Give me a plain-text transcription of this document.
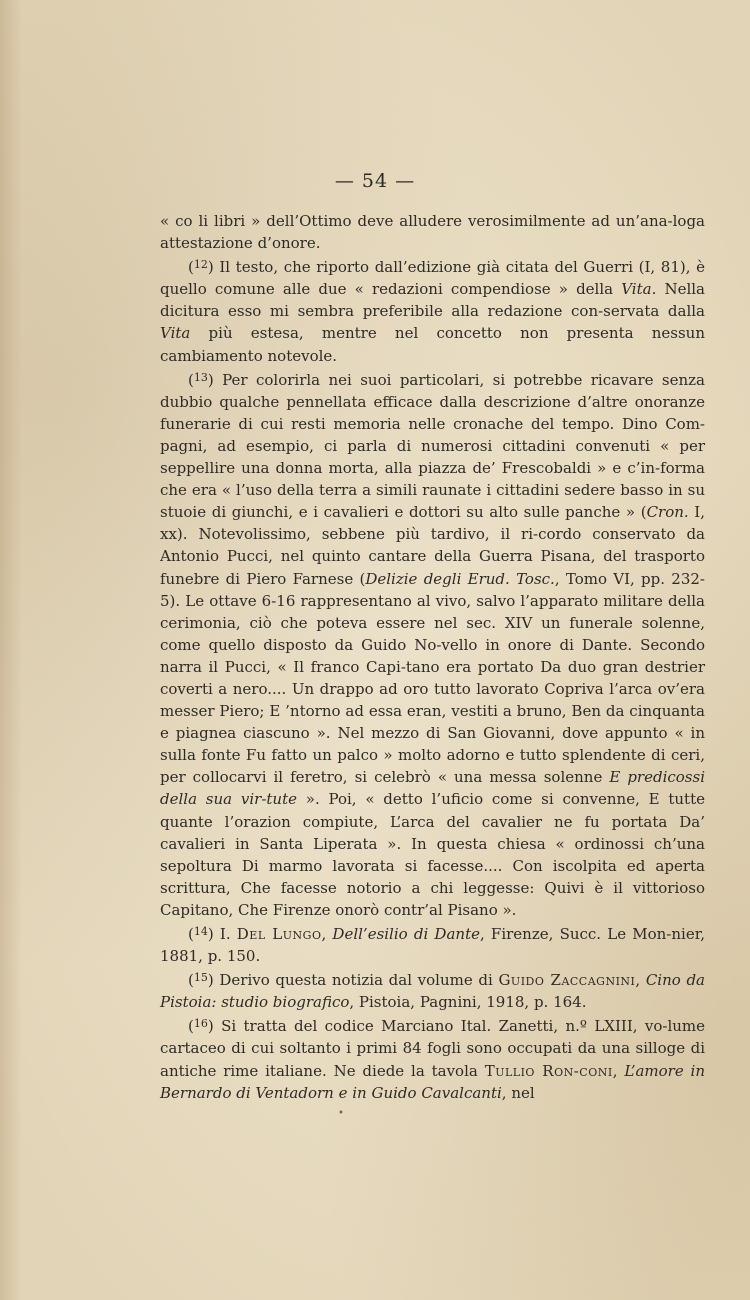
— 54 —

« co li libri » dell’Ottimo deve alludere verosimilmente ad un’ana-loga attestazione d’onore.

($^{12}$) Il testo, che riporto dall’edizione già citata del Guerri (I, 81), è quello comune alle due « redazioni compendiose » della Vita. Nella dicitura esso mi sembra preferibile alla redazione con-servata dalla Vita più estesa, mentre nel concetto non presenta nessun cambiamento notevole.

($^{13}$) Per colorirla nei suoi particolari, si potrebbe ricavare senza dubbio qualche pennellata efficace dalla descrizione d’altre onoranze funerarie di cui resti memoria nelle cronache del tempo. Dino Com-pagni, ad esempio, ci parla di numerosi cittadini convenuti « per seppellire una donna morta, alla piazza de’ Frescobaldi » e c’in-forma che era « l’uso della terra a simili raunate i cittadini sedere basso in su stuoie di giunchi, e i cavalieri e dottori su alto sulle panche » (Cron. I, xx). Notevolissimo, sebbene più tardivo, il ri-cordo conservato da Antonio Pucci, nel quinto cantare della Guerra Pisana, del trasporto funebre di Piero Farnese (Delizie degli Erud. Tosc., Tomo VI, pp. 232-5). Le ottave 6-16 rappresentano al vivo, salvo l’apparato militare della cerimonia, ciò che poteva essere nel sec. XIV un funerale solenne, come quello disposto da Guido No-vello in onore di Dante. Secondo narra il Pucci, « Il franco Capi-tano era portato Da duo gran destrier coverti a nero.... Un drappo ad oro tutto lavorato Copriva l’arca ov’era messer Piero; E ’ntorno ad essa eran, vestiti a bruno, Ben da cinquanta e piagnea ciascuno ». Nel mezzo di San Giovanni, dove appunto « in sulla fonte Fu fatto un palco » molto adorno e tutto splendente di ceri, per collocarvi il feretro, si celebrò « una messa solenne E predicossi della sua vir-tute ». Poi, « detto l’uficio come si convenne, E tutte quante l’orazion compiute, L’arca del cavalier ne fu portata Da’ cavalieri in Santa Liperata ». In questa chiesa « ordinossi ch’una sepoltura Di marmo lavorata si facesse.... Con iscolpita ed aperta scrittura, Che facesse notorio a chi leggesse: Quivi è il vittorioso Capitano, Che Firenze onorò contr’al Pisano ».

($^{14}$) I. Del Lungo, Dell’esilio di Dante, Firenze, Succ. Le Mon-nier, 1881, p. 150.

($^{15}$) Derivo questa notizia dal volume di Guido Zaccagnini, Cino da Pistoia: studio biografico, Pistoia, Pagnini, 1918, p. 164.

($^{16}$) Si tratta del codice Marciano Ital. Zanetti, n.º LXIII, vo-lume cartaceo di cui soltanto i primi 84 fogli sono occupati da una silloge di antiche rime italiane. Ne diede la tavola Tullio Ron-coni, L’amore in Bernardo di Ventadorn e in Guido Cavalcanti, nel

•
